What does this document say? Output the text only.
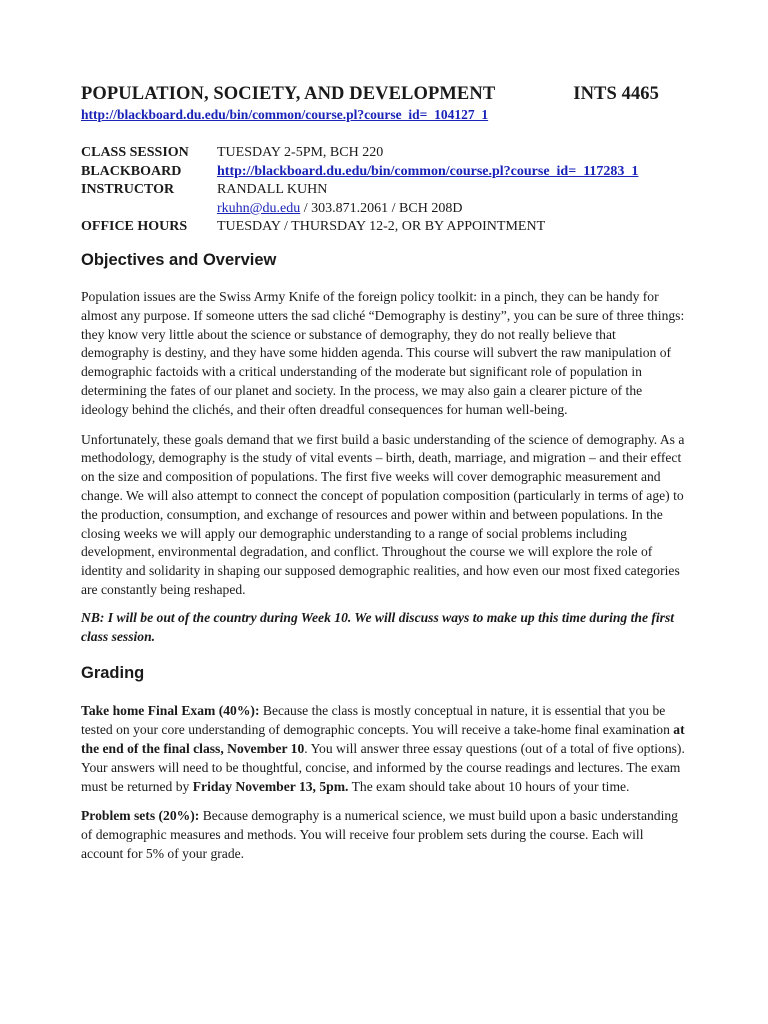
POPULATION, SOCIETY, AND DEVELOPMENT	INTS 4465
http://blackboard.du.edu/bin/common/course.pl?course_id=_104127_1
CLASS SESSION	TUESDAY 2-5PM, BCH 220
BLACKBOARD	http://blackboard.du.edu/bin/common/course.pl?course_id=_117283_1
INSTRUCTOR	RANDALL KUHN
rkuhn@du.edu / 303.871.2061 / BCH 208D
OFFICE HOURS	TUESDAY / THURSDAY 12-2, OR BY APPOINTMENT
Objectives and Overview

Population issues are the Swiss Army Knife of the foreign policy toolkit: in a pinch, they can be handy for almost any purpose. If someone utters the sad cliché “Demography is destiny”, you can be sure of three things: they know very little about the science or substance of demography, they do not really believe that demography is destiny, and they have some hidden agenda. This course will subvert the raw manipulation of demographic factoids with a critical understanding of the moderate but significant role of population in determining the fates of our planet and society. In the process, we may also gain a clearer picture of the ideology behind the clichés, and their often dreadful consequences for human well-being.

Unfortunately, these goals demand that we first build a basic understanding of the science of demography. As a methodology, demography is the study of vital events – birth, death, marriage, and migration – and their effect on the size and composition of populations. The first five weeks will cover demographic measurement and change. We will also attempt to connect the concept of population composition (particularly in terms of age) to the production, consumption, and exchange of resources and power within and between populations. In the closing weeks we will apply our demographic understanding to a range of social problems including development, environmental degradation, and conflict. Throughout the course we will explore the role of identity and solidarity in shaping our supposed demographic realities, and how even our most fixed categories are constantly being reshaped.

NB: I will be out of the country during Week 10. We will discuss ways to make up this time during the first class session.

Grading

Take home Final Exam (40%): Because the class is mostly conceptual in nature, it is essential that you be tested on your core understanding of demographic concepts. You will receive a take-home final examination at the end of the final class, November 10. You will answer three essay questions (out of a total of five options). Your answers will need to be thoughtful, concise, and informed by the course readings and lectures. The exam must be returned by Friday November 13, 5pm. The exam should take about 10 hours of your time.

Problem sets (20%): Because demography is a numerical science, we must build upon a basic understanding of demographic measures and methods. You will receive four problem sets during the course. Each will account for 5% of your grade.
